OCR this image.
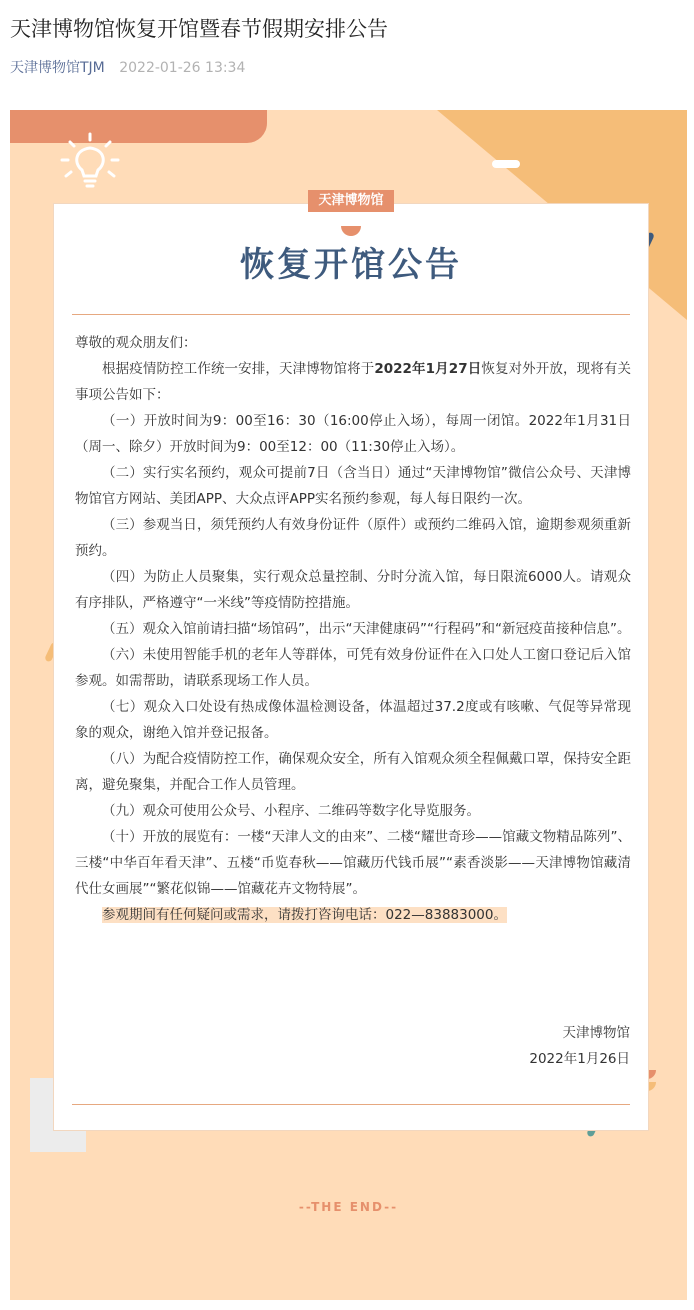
天津博物馆恢复开馆暨春节假期安排公告
天津博物馆TJM 2022-01-26 13:34
天津博物馆
恢复开馆公告

尊敬的观众朋友们：

根据疫情防控工作统一安排，天津博物馆将于2022年1月27日恢复对外开放，现将有关事项公告如下：

（一）开放时间为9：00至16：30（16:00停止入场），每周一闭馆。2022年1月31日（周一、除夕）开放时间为9：00至12：00（11:30停止入场）。

（二）实行实名预约，观众可提前7日（含当日）通过“天津博物馆”微信公众号、天津博物馆官方网站、美团APP、大众点评APP实名预约参观，每人每日限约一次。

（三）参观当日，须凭预约人有效身份证件（原件）或预约二维码入馆，逾期参观须重新预约。

（四）为防止人员聚集，实行观众总量控制、分时分流入馆，每日限流6000人。请观众有序排队，严格遵守“一米线”等疫情防控措施。

（五）观众入馆前请扫描“场馆码”，出示“天津健康码”“行程码”和“新冠疫苗接种信息”。

（六）未使用智能手机的老年人等群体，可凭有效身份证件在入口处人工窗口登记后入馆参观。如需帮助，请联系现场工作人员。

（七）观众入口处设有热成像体温检测设备，体温超过37.2度或有咳嗽、气促等异常现象的观众，谢绝入馆并登记报备。

（八）为配合疫情防控工作，确保观众安全，所有入馆观众须全程佩戴口罩，保持安全距离，避免聚集，并配合工作人员管理。

（九）观众可使用公众号、小程序、二维码等数字化导览服务。

（十）开放的展览有：一楼“天津人文的由来”、二楼“耀世奇珍——馆藏文物精品陈列”、三楼“中华百年看天津”、五楼“币览春秋——馆藏历代钱币展”“素香淡影——天津博物馆藏清代仕女画展”“繁花似锦——馆藏花卉文物特展”。

参观期间有任何疑问或需求，请拨打咨询电话：022—83883000。

天津博物馆
2022年1月26日
--THE END--
